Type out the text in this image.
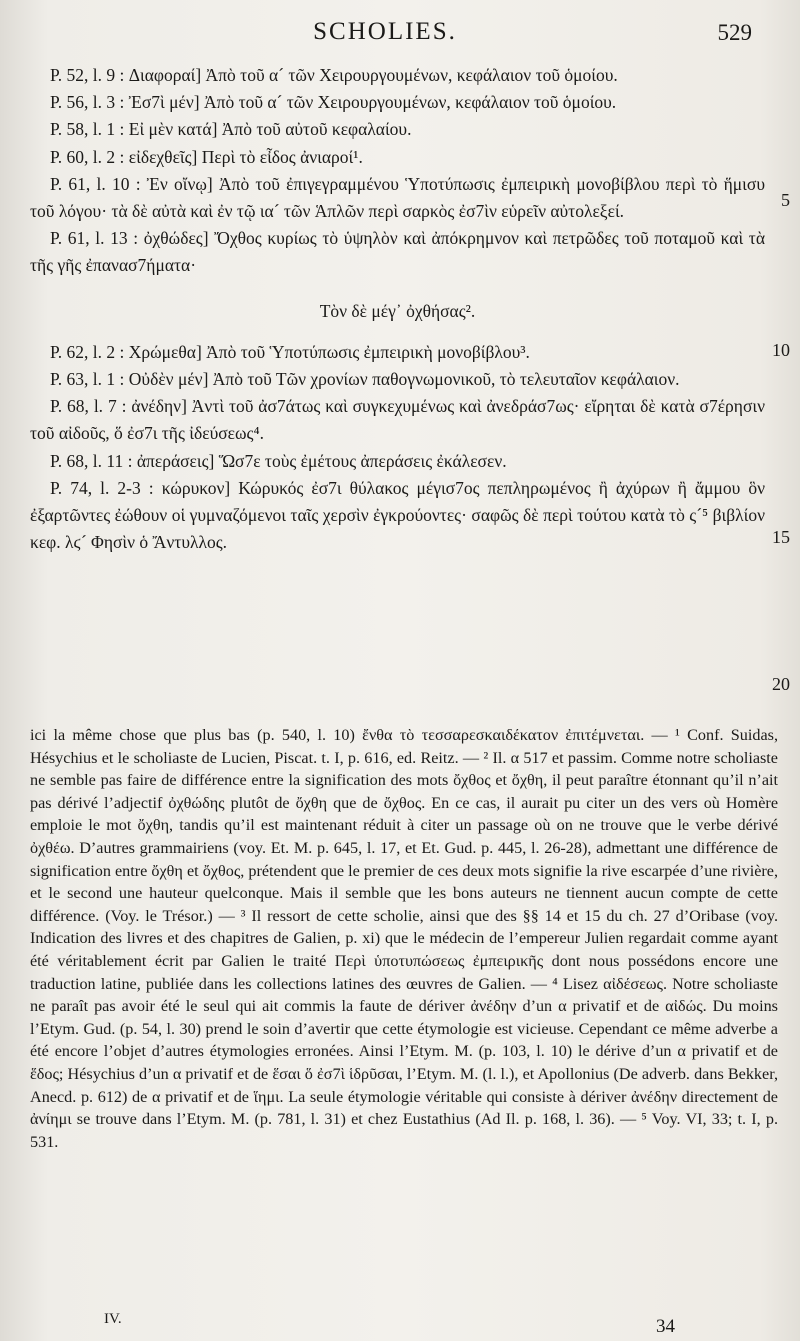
SCHOLIES.	529

P. 52, l. 9 : Διαφοραί] Ἀπὸ τοῦ α´ τῶν Χειρουργουμένων, κεφάλαιον τοῦ ὁμοίου.

P. 56, l. 3 : Ἐσ7ὶ μέν] Ἀπὸ τοῦ α´ τῶν Χειρουργουμένων, κεφάλαιον τοῦ ὁμοίου.

P. 58, l. 1 : Εἰ μὲν κατά] Ἀπὸ τοῦ αὐτοῦ κεφαλαίου.

P. 60, l. 2 : εἰδεχθεῖς] Περὶ τὸ εἶδος ἀνιαροί¹.

P. 61, l. 10 : Ἐν οἴνῳ] Ἀπὸ τοῦ ἐπιγεγραμμένου Ὑποτύπωσις ἐμπειρικὴ μονοβίβλου περὶ τὸ ἥμισυ τοῦ λόγου· τὰ δὲ αὐτὰ καὶ ἐν τῷ ια´ τῶν Ἁπλῶν περὶ σαρκὸς ἐσ7ὶν εὑρεῖν αὐτολεξεί.

P. 61, l. 13 : ὀχθώδες] Ὄχθος κυρίως τὸ ὑψηλὸν καὶ ἀπόκρημνον καὶ πετρῶδες τοῦ ποταμοῦ καὶ τὰ τῆς γῆς ἐπανασ7ήματα·

Τὸν δὲ μέγ᾽ ὀχθήσας².

P. 62, l. 2 : Χρώμεθα] Ἀπὸ τοῦ Ὑποτύπωσις ἐμπειρικὴ μονοβίβλου³.

P. 63, l. 1 : Οὐδὲν μέν] Ἀπὸ τοῦ Τῶν χρονίων παθογνωμονικοῦ, τὸ τελευταῖον κεφάλαιον.

P. 68, l. 7 : ἀνέδην] Ἀντὶ τοῦ ἀσ7άτως καὶ συγκεχυμένως καὶ ἀνεδράσ7ως· εἴρηται δὲ κατὰ σ7έρησιν τοῦ αἰδοῦς, ὅ ἐσ7ι τῆς ἰδεύσεως⁴.

P. 68, l. 11 : ἀπεράσεις] Ὥσ7ε τοὺς ἐμέτους ἀπεράσεις ἐκάλεσεν.

P. 74, l. 2-3 : κώρυκον] Κώρυκός ἐσ7ι θύλακος μέγισ7ος πεπληρωμένος ἢ ἀχύρων ἢ ἄμμου ὃν ἐξαρτῶντες ἐώθουν οἱ γυμναζόμενοι ταῖς χερσὶν ἐγκρούοντες· σαφῶς δὲ περὶ τούτου κατὰ τὸ ς´⁵ βιβλίον κεφ. λϛ´ Φησὶν ὁ Ἄντυλλος.

5
10
15
20

ici la même chose que plus bas (p. 540, l. 10) ἔνθα τὸ τεσσαρεσκαιδέκατον ἐπιτέμνεται. — ¹ Conf. Suidas, Hésychius et le scholiaste de Lucien, Piscat. t. I, p. 616, ed. Reitz. — ² Il. α 517 et passim. Comme notre scholiaste ne semble pas faire de différence entre la signification des mots ὄχθος et ὄχθη, il peut paraître étonnant qu’il n’ait pas dérivé l’adjectif ὀχθώδης plutôt de ὄχθη que de ὄχθος. En ce cas, il aurait pu citer un des vers où Homère emploie le mot ὄχθη, tandis qu’il est maintenant réduit à citer un passage où on ne trouve que le verbe dérivé ὀχθέω. D’autres grammairiens (voy. Et. M. p. 645, l. 17, et Et. Gud. p. 445, l. 26-28), admettant une différence de signification entre ὄχθη et ὄχθος, prétendent que le premier de ces deux mots signifie la rive escarpée d’une rivière, et le second une hauteur quelconque. Mais il semble que les bons auteurs ne tiennent aucun compte de cette différence. (Voy. le Trésor.) — ³ Il ressort de cette scholie, ainsi que des §§ 14 et 15 du ch. 27 d’Oribase (voy. Indication des livres et des chapitres de Galien, p. xi) que le médecin de l’empereur Julien regardait comme ayant été véritablement écrit par Galien le traité Περὶ ὑποτυπώσεως ἐμπειρικῆς dont nous possédons encore une traduction latine, publiée dans les collections latines des œuvres de Galien. — ⁴ Lisez αἰδέσεως. Notre scholiaste ne paraît pas avoir été le seul qui ait commis la faute de dériver ἀνέδην d’un α privatif et de αἰδώς. Du moins l’Etym. Gud. (p. 54, l. 30) prend le soin d’avertir que cette étymologie est vicieuse. Cependant ce même adverbe a été encore l’objet d’autres étymologies erronées. Ainsi l’Etym. M. (p. 103, l. 10) le dérive d’un α privatif et de ἕδος; Hésychius d’un α privatif et de ἕσαι ὅ ἐσ7ὶ ἱδρῦσαι, l’Etym. M. (l. l.), et Apollonius (De adverb. dans Bekker, Anecd. p. 612) de α privatif et de ἵημι. La seule étymologie véritable qui consiste à dériver ἀνέδην directement de ἀνίημι se trouve dans l’Etym. M. (p. 781, l. 31) et chez Eustathius (Ad Il. p. 168, l. 36). — ⁵ Voy. VI, 33; t. I, p. 531.

IV.	34
